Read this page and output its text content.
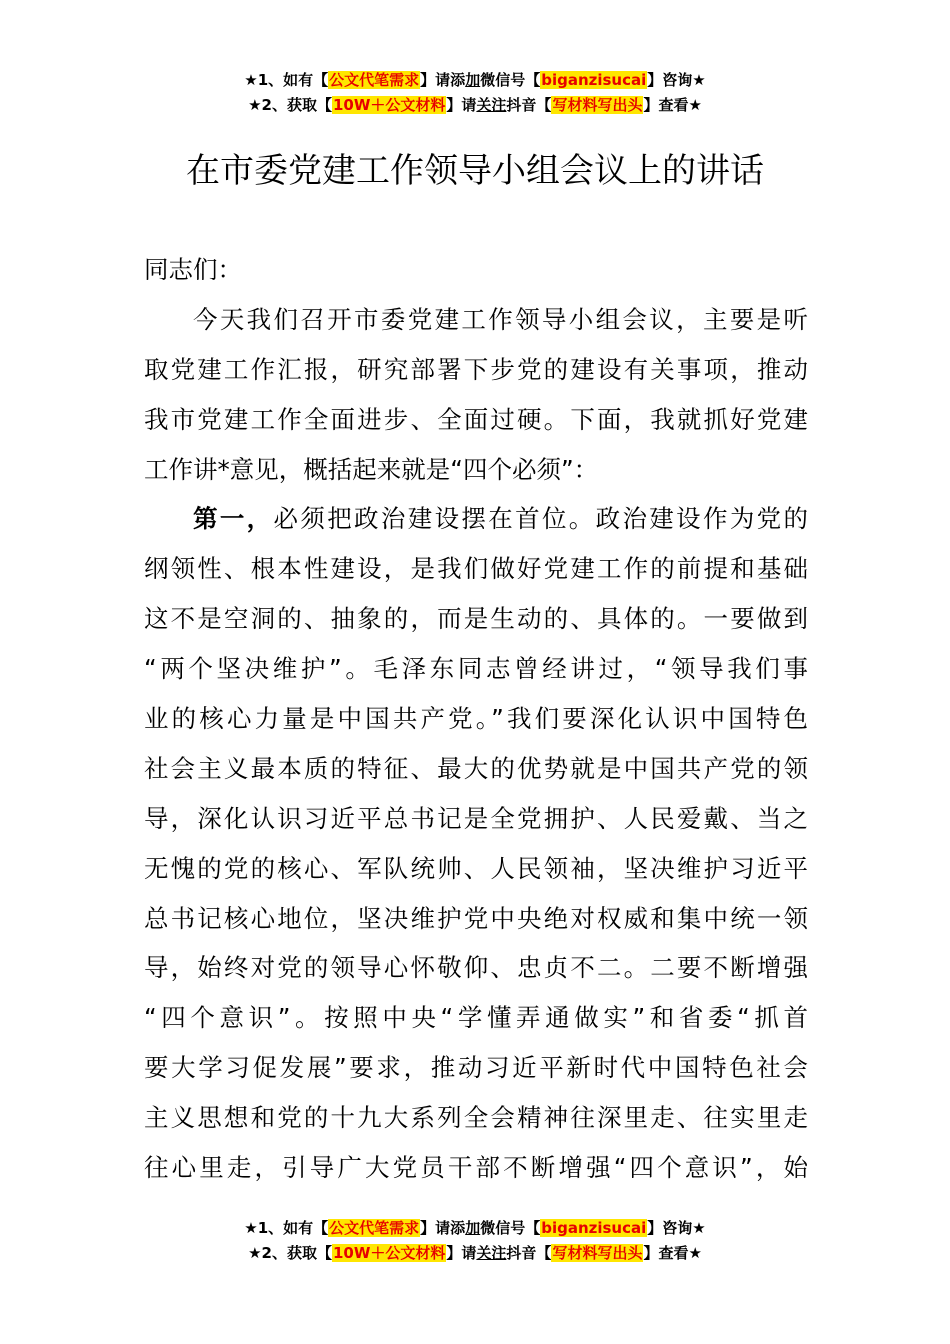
★1、如有【公文代笔需求】请添加微信号【biganzisucai】咨询★
★2、获取【10W＋公文材料】请关注抖音【写材料写出头】查看★
在市委党建工作领导小组会议上的讲话
同志们：
今天我们召开市委党建工作领导小组会议，主要是听
取党建工作汇报，研究部署下步党的建设有关事项，推动
我市党建工作全面进步、全面过硬。下面，我就抓好党建
工作讲*意见，概括起来就是“四个必须”：
第一，必须把政治建设摆在首位。政治建设作为党的
纲领性、根本性建设，是我们做好党建工作的前提和基础
这不是空洞的、抽象的，而是生动的、具体的。一要做到
“两个坚决维护”。毛泽东同志曾经讲过，“领导我们事
业的核心力量是中国共产党。”我们要深化认识中国特色
社会主义最本质的特征、最大的优势就是中国共产党的领
导，深化认识习近平总书记是全党拥护、人民爱戴、当之
无愧的党的核心、军队统帅、人民领袖，坚决维护习近平
总书记核心地位，坚决维护党中央绝对权威和集中统一领
导，始终对党的领导心怀敬仰、忠贞不二。二要不断增强
“四个意识”。按照中央“学懂弄通做实”和省委“抓首
要大学习促发展”要求，推动习近平新时代中国特色社会
主义思想和党的十九大系列全会精神往深里走、往实里走
往心里走，引导广大党员干部不断增强“四个意识”，始
★1、如有【公文代笔需求】请添加微信号【biganzisucai】咨询★
★2、获取【10W＋公文材料】请关注抖音【写材料写出头】查看★
